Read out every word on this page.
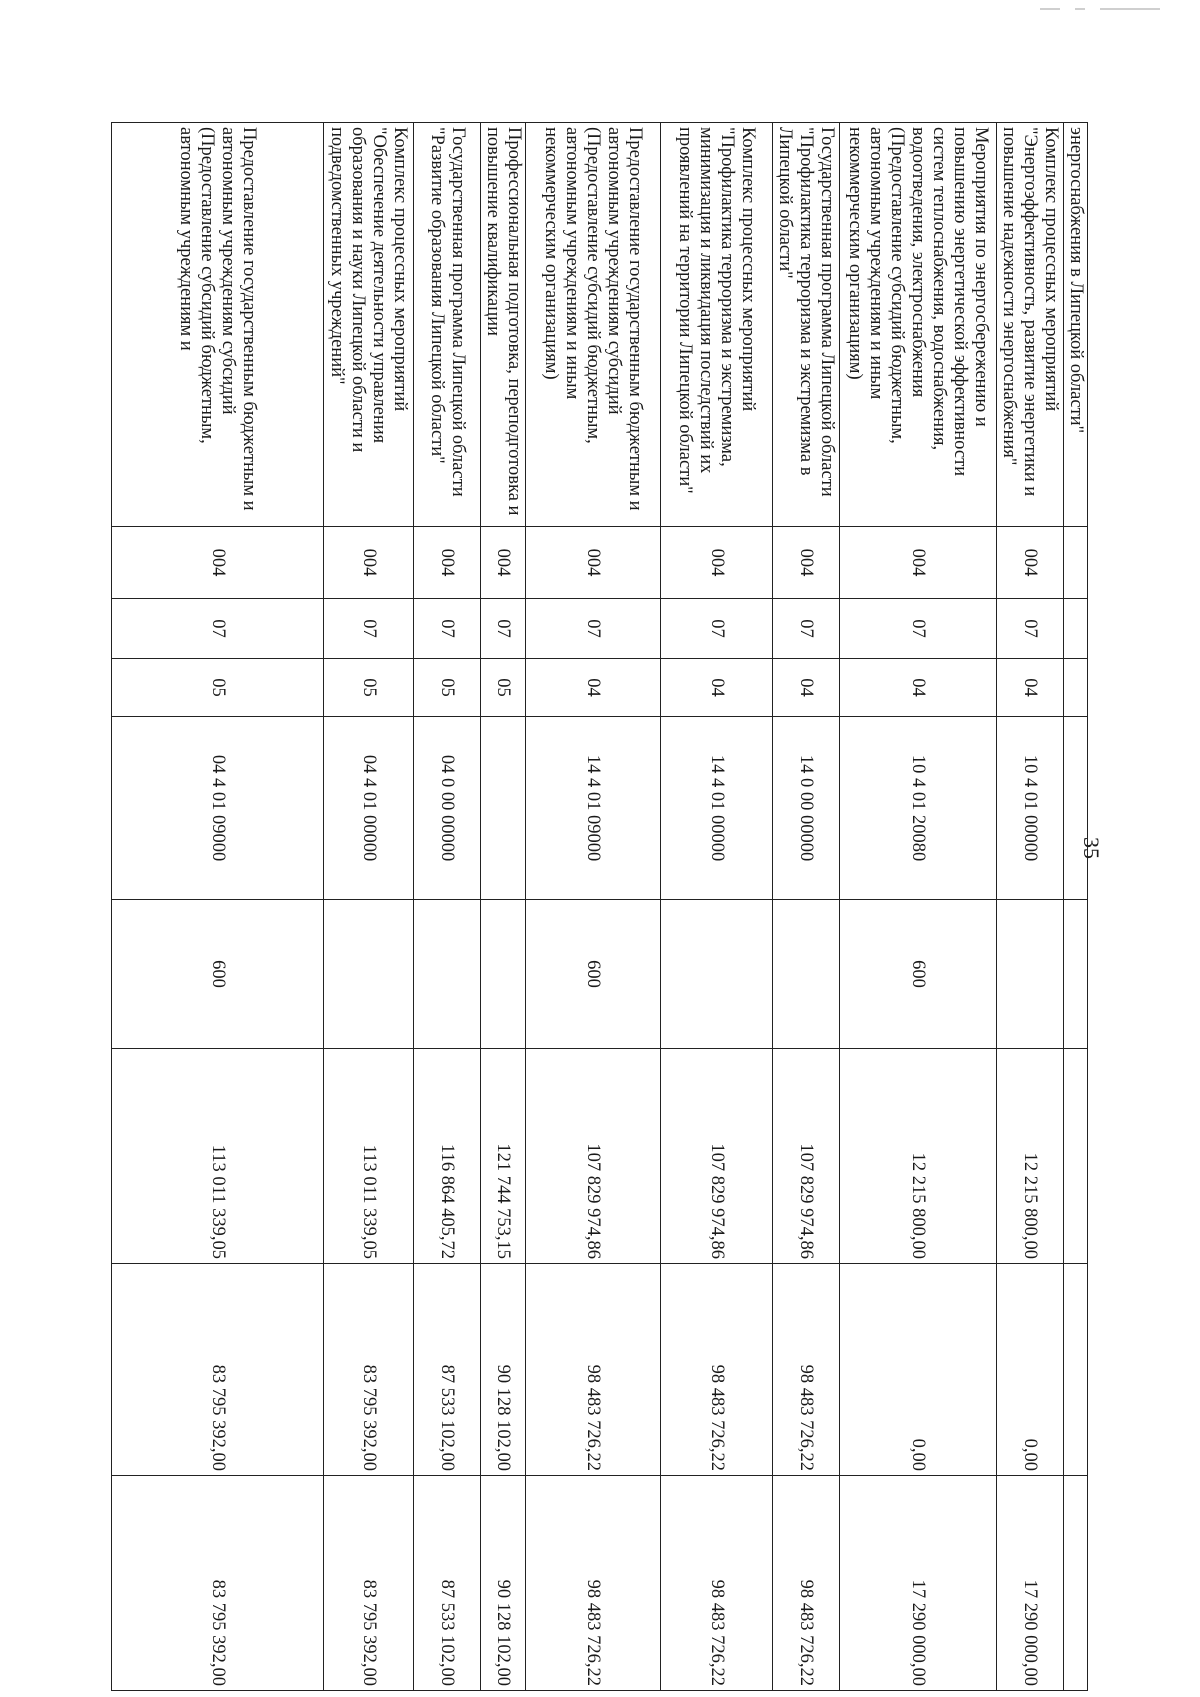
35
энергоснабжения в Липецкой области"								
Комплекс процессных мероприятий "Энергоэффективность, развитие энергетики и повышение надежности энергоснабжения"	004	07	04	10 4 01 00000		12 215 800,00	0,00	17 290 000,00
Мероприятия по энергосбережению и повышению энергетической эффективности систем теплоснабжения, водоснабжения, водоотведения, электроснабжения (Предоставление субсидий бюджетным, автономным учреждениям и иным некоммерческим организациям)	004	07	04	10 4 01 20080	600	12 215 800,00	0,00	17 290 000,00
Государственная программа Липецкой области "Профилактика терроризма и экстремизма в Липецкой области"	004	07	04	14 0 00 00000		107 829 974,86	98 483 726,22	98 483 726,22
Комплекс процессных мероприятий "Профилактика терроризма и экстремизма, минимизация и ликвидация последствий их проявлений на территории Липецкой области"	004	07	04	14 4 01 00000		107 829 974,86	98 483 726,22	98 483 726,22
Предоставление государственным бюджетным и автономным учреждениям субсидий (Предоставление субсидий бюджетным, автономным учреждениям и иным некоммерческим организациям)	004	07	04	14 4 01 09000	600	107 829 974,86	98 483 726,22	98 483 726,22
Профессиональная подготовка, переподготовка и повышение квалификации	004	07	05			121 744 753,15	90 128 102,00	90 128 102,00
Государственная программа Липецкой области "Развитие образования Липецкой области"	004	07	05	04 0 00 00000		116 864 405,72	87 533 102,00	87 533 102,00
Комплекс процессных мероприятий "Обеспечение деятельности управления образования и науки Липецкой области и подведомственных учреждений"	004	07	05	04 4 01 00000		113 011 339,05	83 795 392,00	83 795 392,00
Предоставление государственным бюджетным и автономным учреждениям субсидий (Предоставление субсидий бюджетным, автономным учреждениям и	004	07	05	04 4 01 09000	600	113 011 339,05	83 795 392,00	83 795 392,00
